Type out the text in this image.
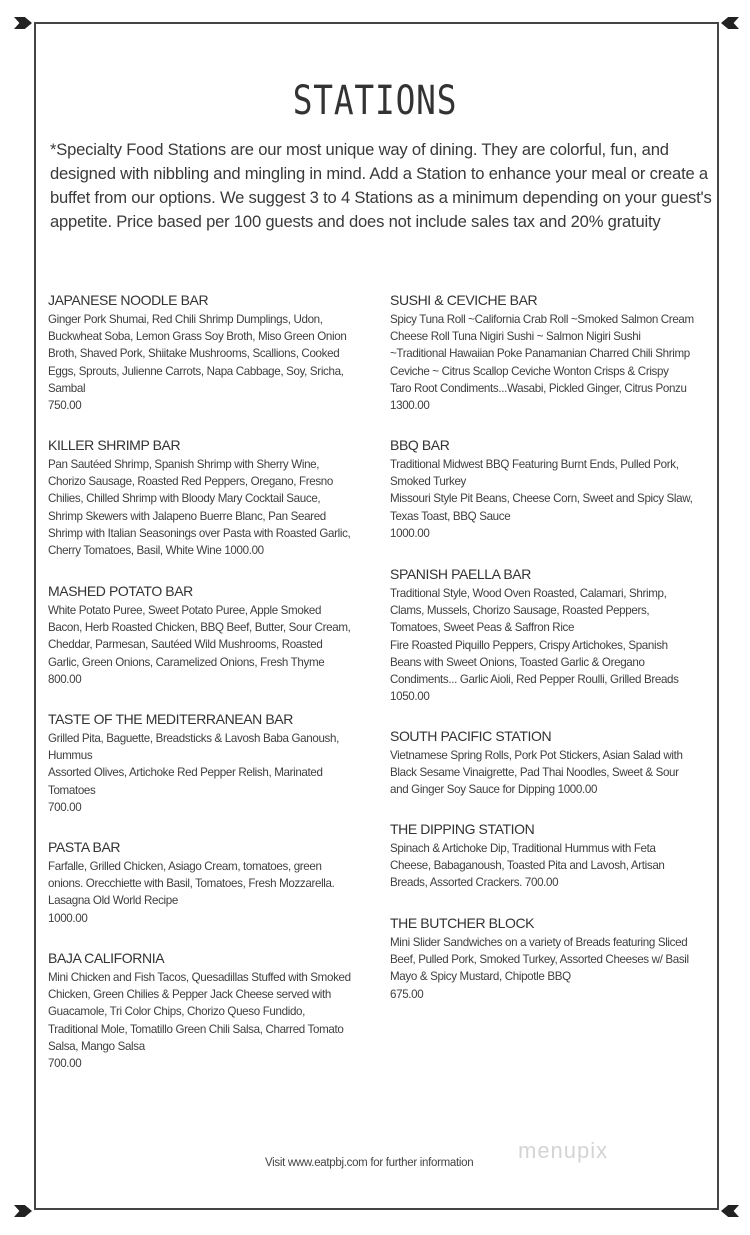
STATIONS
*Specialty Food Stations are our most unique way of dining. They are colorful, fun, and designed with nibbling and mingling in mind. Add a Station to enhance your meal or create a buffet from our options. We suggest 3 to 4 Stations as a minimum depending on your guest's appetite. Price based per 100 guests and does not include sales tax and 20% gratuity
JAPANESE NOODLE BAR
Ginger Pork Shumai, Red Chili Shrimp Dumplings, Udon,
Buckwheat Soba, Lemon Grass Soy Broth, Miso Green Onion
Broth, Shaved Pork, Shiitake Mushrooms, Scallions, Cooked
Eggs, Sprouts, Julienne Carrots, Napa Cabbage, Soy, Sricha,
Sambal
750.00
KILLER SHRIMP BAR
Pan Sautéed Shrimp, Spanish Shrimp with Sherry Wine,
Chorizo Sausage, Roasted Red Peppers, Oregano, Fresno
Chilies, Chilled Shrimp with Bloody Mary Cocktail Sauce,
Shrimp Skewers with Jalapeno Buerre Blanc, Pan Seared
Shrimp with Italian Seasonings over Pasta with Roasted Garlic,
Cherry Tomatoes, Basil, White Wine 1000.00
MASHED POTATO BAR
White Potato Puree, Sweet Potato Puree, Apple Smoked
Bacon, Herb Roasted Chicken, BBQ Beef, Butter, Sour Cream,
Cheddar, Parmesan, Sautéed Wild Mushrooms, Roasted
Garlic, Green Onions, Caramelized Onions, Fresh Thyme
800.00
TASTE OF THE MEDITERRANEAN BAR
Grilled Pita, Baguette, Breadsticks & Lavosh Baba Ganoush,
Hummus
Assorted Olives, Artichoke Red Pepper Relish, Marinated
Tomatoes
700.00
PASTA BAR
Farfalle, Grilled Chicken, Asiago Cream, tomatoes, green
onions. Orecchiette with Basil, Tomatoes, Fresh Mozzarella.
Lasagna Old World Recipe
1000.00
BAJA CALIFORNIA
Mini Chicken and Fish Tacos, Quesadillas Stuffed with Smoked
Chicken, Green Chilies & Pepper Jack Cheese served with
Guacamole, Tri Color Chips, Chorizo Queso Fundido,
Traditional Mole, Tomatillo Green Chili Salsa, Charred Tomato
Salsa, Mango Salsa
700.00
SUSHI & CEVICHE BAR
Spicy Tuna Roll ~California Crab Roll ~Smoked Salmon Cream
Cheese Roll Tuna Nigiri Sushi ~ Salmon Nigiri Sushi
~Traditional Hawaiian Poke Panamanian Charred Chili Shrimp
Ceviche ~ Citrus Scallop Ceviche Wonton Crisps & Crispy
Taro Root Condiments...Wasabi, Pickled Ginger, Citrus Ponzu
1300.00
BBQ BAR
Traditional Midwest BBQ Featuring Burnt Ends, Pulled Pork,
Smoked Turkey
Missouri Style Pit Beans, Cheese Corn, Sweet and Spicy Slaw,
Texas Toast, BBQ Sauce
1000.00
SPANISH PAELLA BAR
Traditional Style, Wood Oven Roasted, Calamari, Shrimp,
Clams, Mussels, Chorizo Sausage, Roasted Peppers,
Tomatoes, Sweet Peas & Saffron Rice
Fire Roasted Piquillo Peppers, Crispy Artichokes, Spanish
Beans with Sweet Onions, Toasted Garlic & Oregano
Condiments... Garlic Aioli, Red Pepper Roulli, Grilled Breads
1050.00
SOUTH PACIFIC STATION
Vietnamese Spring Rolls, Pork Pot Stickers, Asian Salad with
Black Sesame Vinaigrette, Pad Thai Noodles, Sweet & Sour
and Ginger Soy Sauce for Dipping 1000.00
THE DIPPING STATION
Spinach & Artichoke Dip, Traditional Hummus with Feta
Cheese, Babaganoush, Toasted Pita and Lavosh, Artisan
Breads, Assorted Crackers. 700.00
THE BUTCHER BLOCK
Mini Slider Sandwiches on a variety of Breads featuring Sliced
Beef, Pulled Pork, Smoked Turkey, Assorted Cheeses w/ Basil
Mayo & Spicy Mustard, Chipotle BBQ
675.00
Visit www.eatpbj.com for further information menupix
